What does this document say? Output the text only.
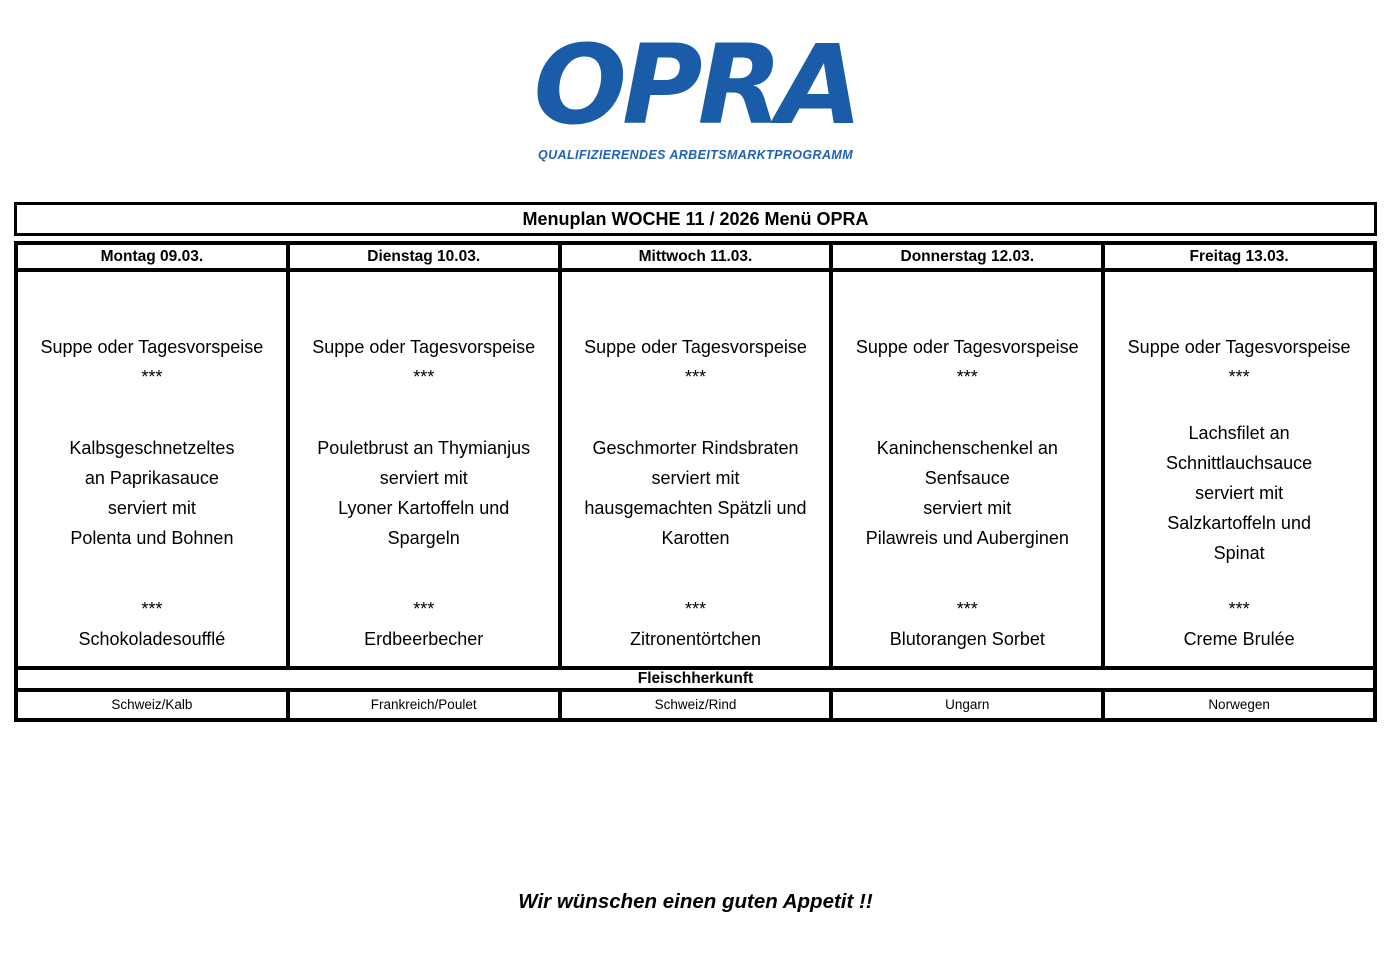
OPRA
QUALIFIZIERENDES ARBEITSMARKTPROGRAMM
Menuplan WOCHE 11 / 2026 Menü OPRA
Montag 09.03.	Dienstag 10.03.	Mittwoch 11.03.	Donnerstag 12.03.	Freitag 13.03.

Suppe oder Tagesvorspeise
***
Kalbsgeschnetzeltes
an Paprikasauce
serviert mit
Polenta und Bohnen
***
Schokoladesoufflé

Suppe oder Tagesvorspeise
***
Pouletbrust an Thymianjus
serviert mit
Lyoner Kartoffeln und
Spargeln
***
Erdbeerbecher

Suppe oder Tagesvorspeise
***
Geschmorter Rindsbraten
serviert mit
hausgemachten Spätzli und
Karotten
***
Zitronentörtchen

Suppe oder Tagesvorspeise
***
Kaninchenschenkel an
Senfsauce
serviert mit
Pilawreis und Auberginen
***
Blutorangen Sorbet

Suppe oder Tagesvorspeise
***
Lachsfilet an
Schnittlauchsauce
serviert mit
Salzkartoffeln und
Spinat
***
Creme Brulée

Fleischherkunft				
Schweiz/Kalb	Frankreich/Poulet	Schweiz/Rind	Ungarn	Norwegen
Wir wünschen einen guten Appetit !!
